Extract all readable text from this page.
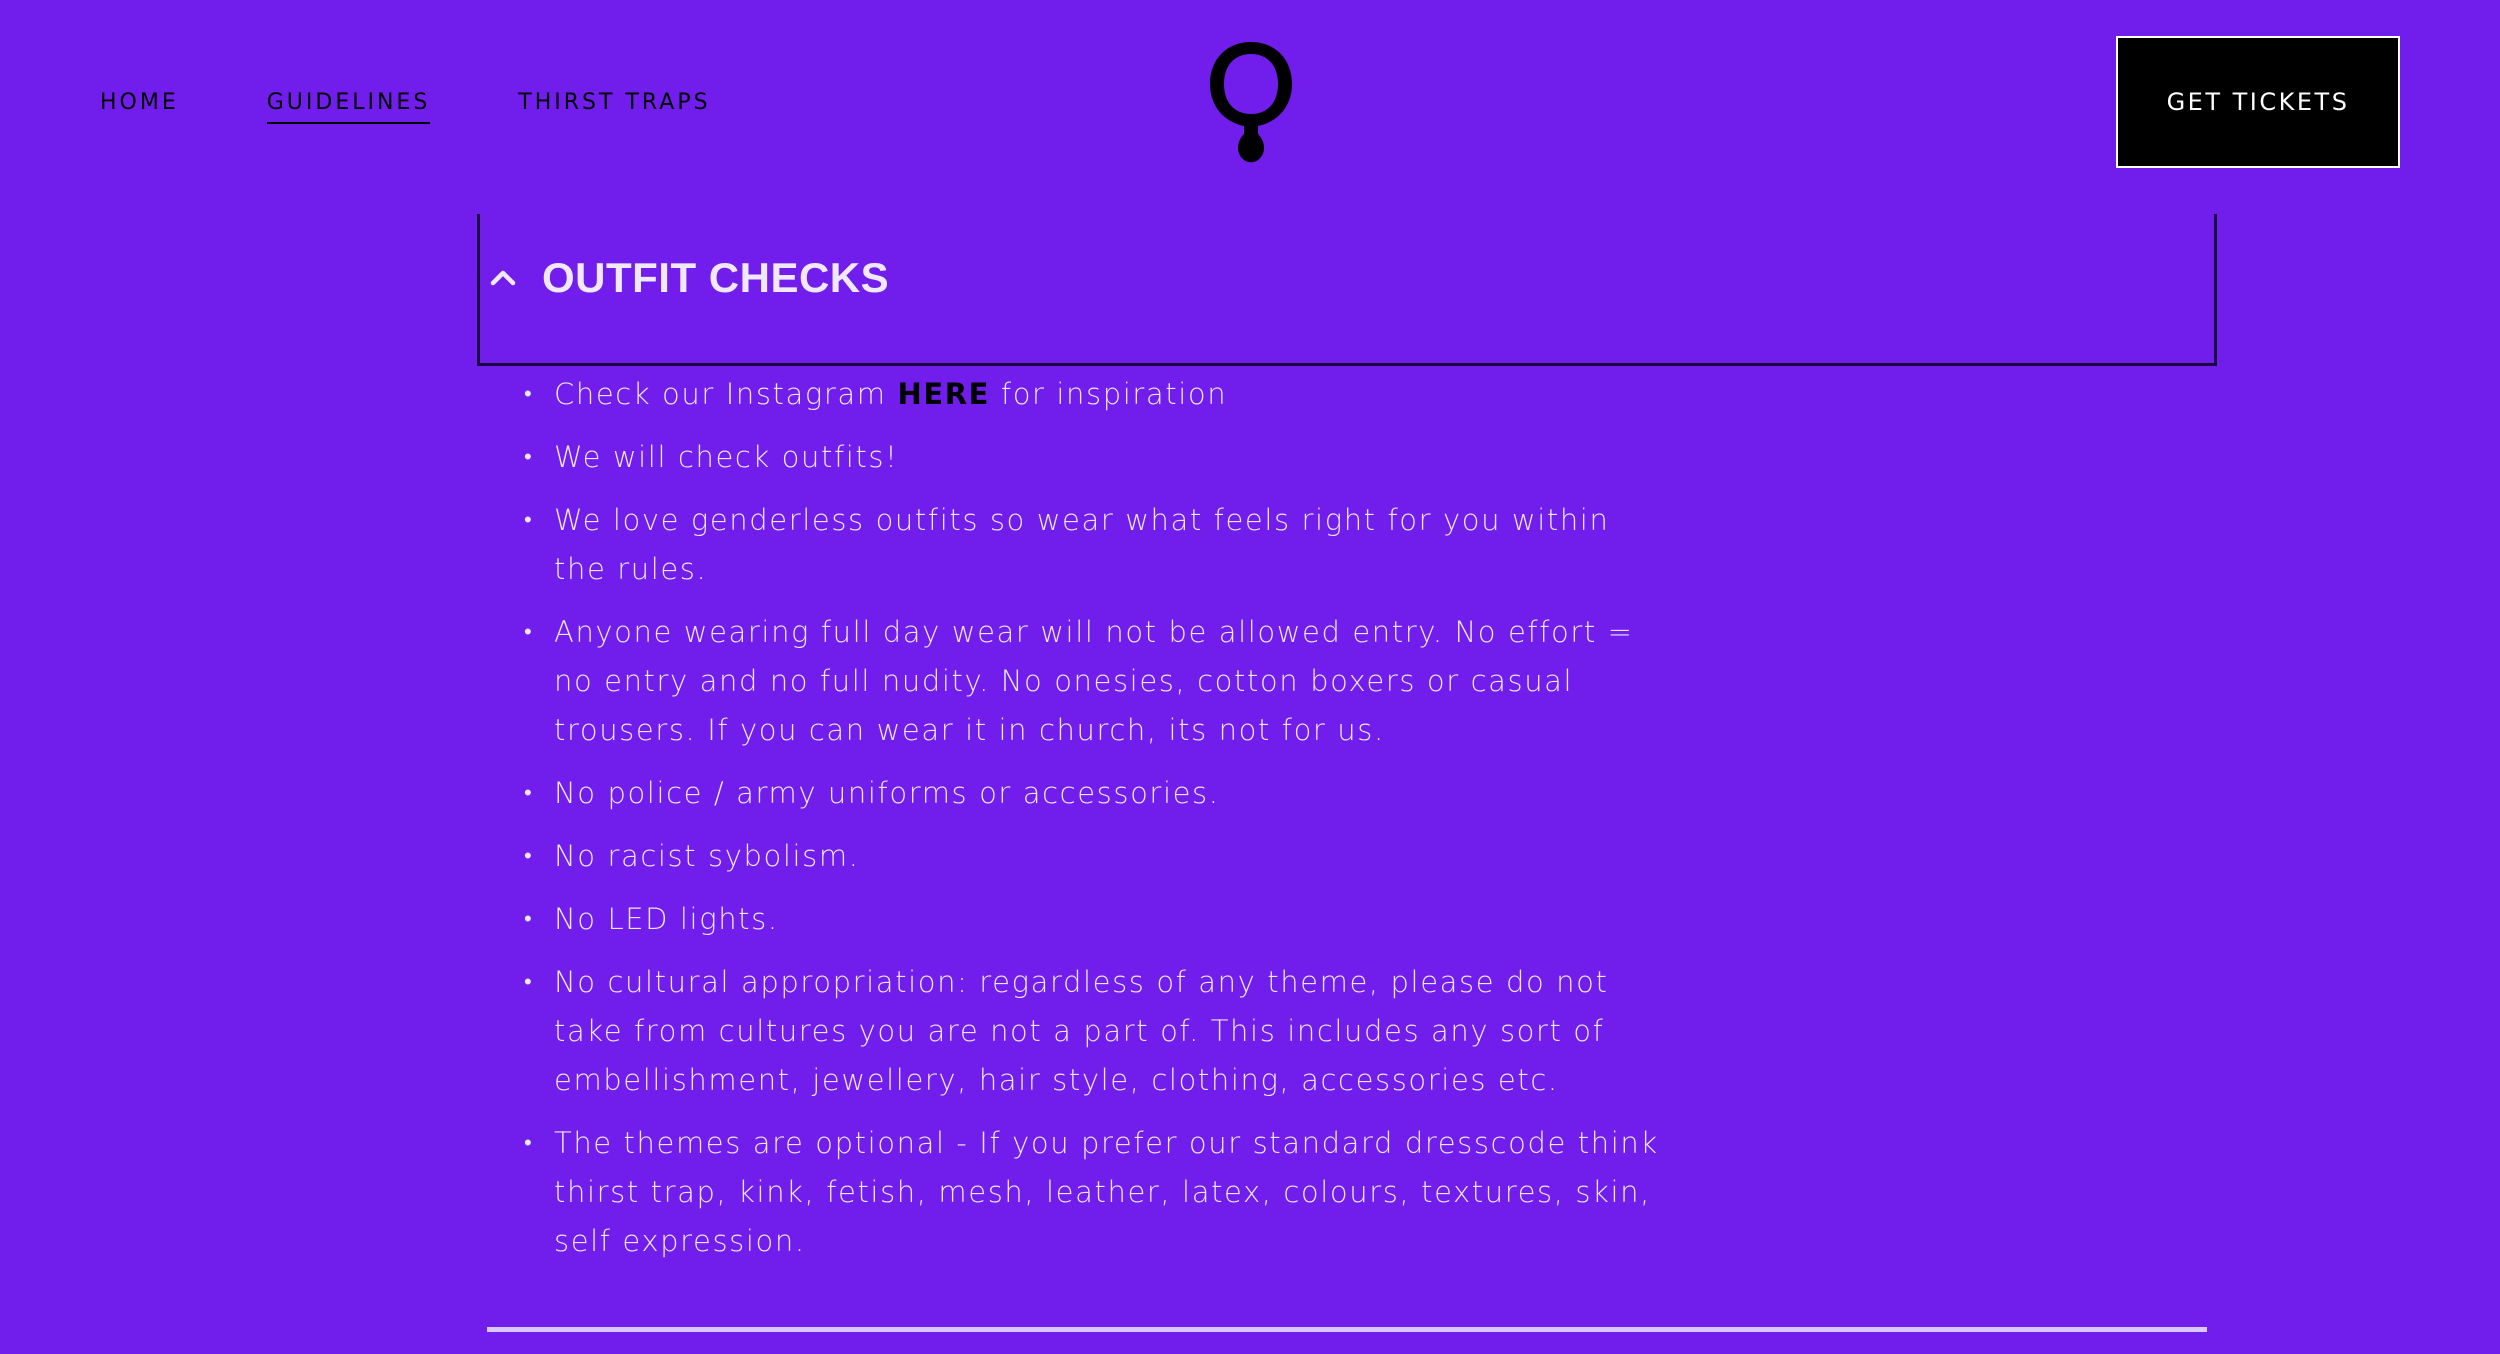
HOME	GUIDELINES	THIRST TRAPS	GET TICKETS
OUTFIT CHECKS
• Check our Instagram HERE for inspiration
• We will check outfits!
• We love genderless outfits so wear what feels right for you within the rules.
• Anyone wearing full day wear will not be allowed entry. No effort = no entry and no full nudity. No onesies, cotton boxers or casual trousers. If you can wear it in church, its not for us.
• No police / army uniforms or accessories.
• No racist sybolism.
• No LED lights.
• No cultural appropriation: regardless of any theme, please do not take from cultures you are not a part of. This includes any sort of embellishment, jewellery, hair style, clothing, accessories etc.
• The themes are optional - If you prefer our standard dresscode think thirst trap, kink, fetish, mesh, leather, latex, colours, textures, skin, self expression.
